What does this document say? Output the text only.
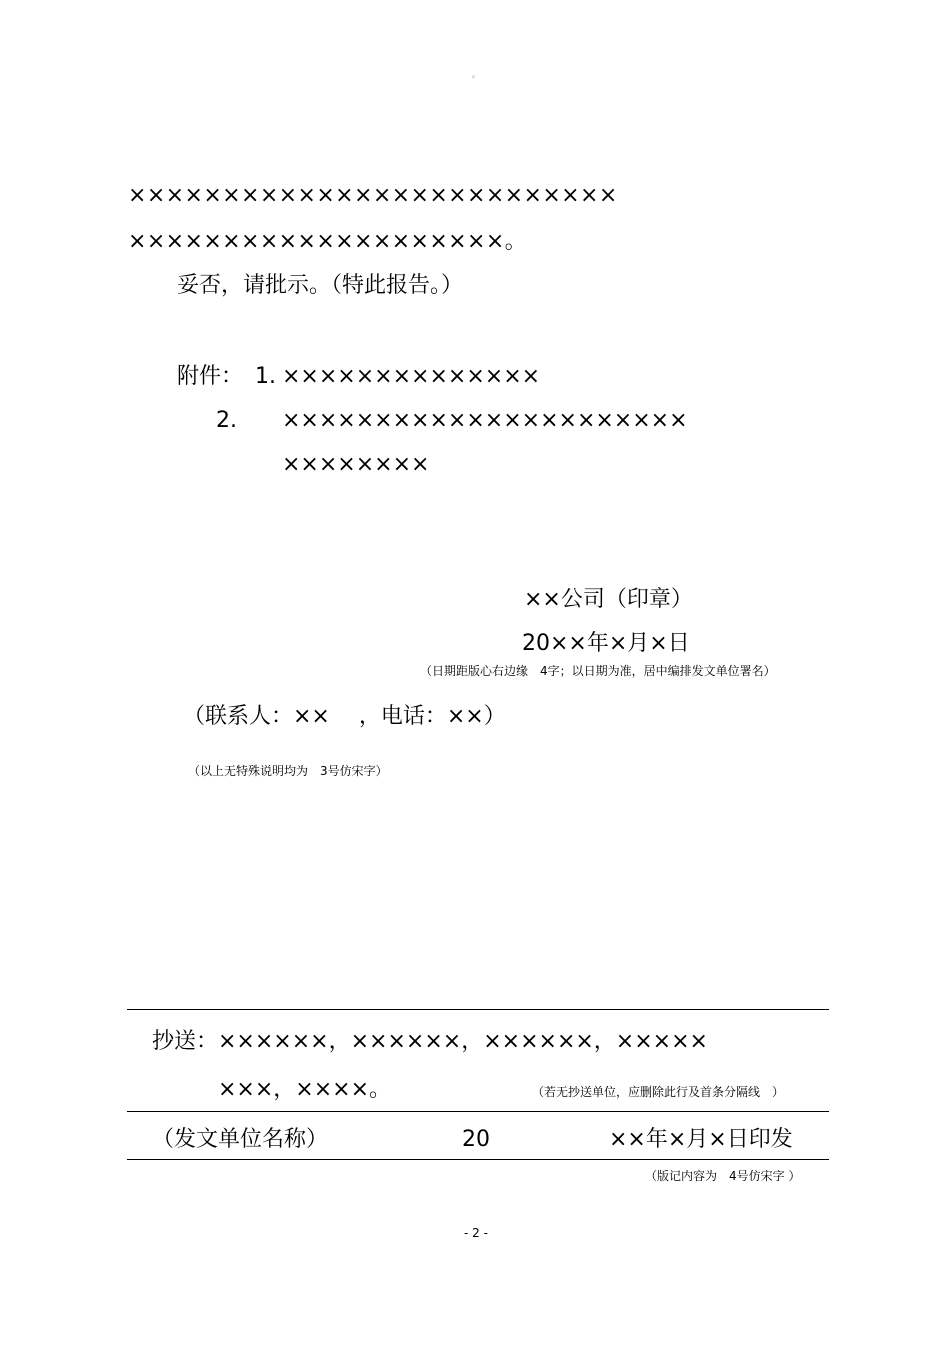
。
××××××××××××××××××××××××××
××××××××××××××××××××。
妥否，请批示。（特此报告。）
附件： 1. ××××××××××××××
2. ××××××××××××××××××××××
××××××××
××公司（印章）
20××年×月×日
（日期距版心右边缘　4字；以日期为准，居中编排发文单位署名）
（联系人：××　 ，电话：××）
（以上无特殊说明均为　3号仿宋字）
抄送： ××××××，××××××，××××××，×××××
×××，××××。	（若无抄送单位，应删除此行及首条分隔线　）
（发文单位名称）	20	××年×月×日印发
（版记内容为　4号仿宋字 ）
- 2 -
